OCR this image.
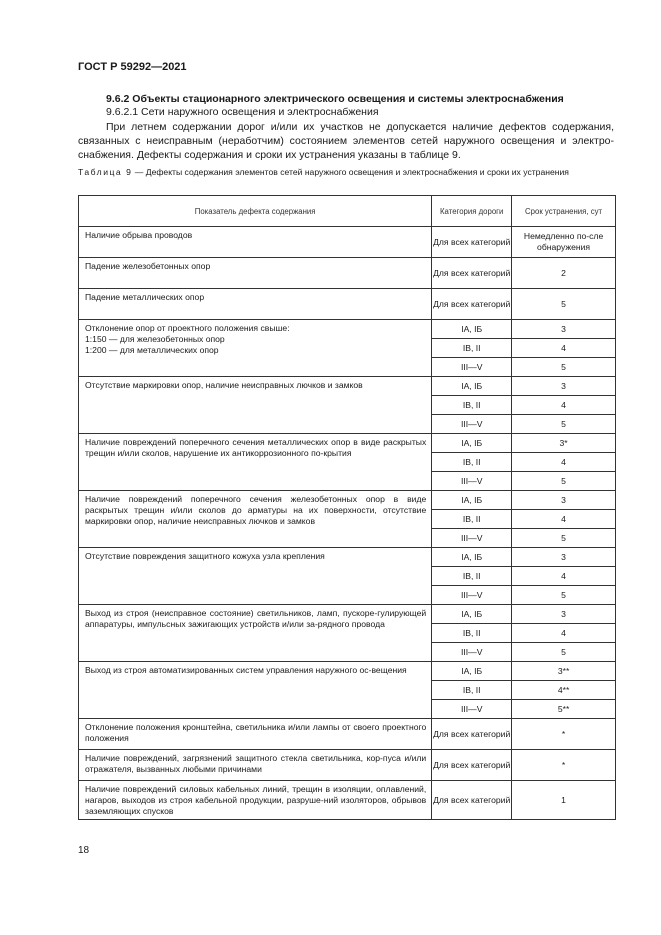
ГОСТ Р 59292—2021
9.6.2 Объекты стационарного электрического освещения и системы электроснабжения
9.6.2.1 Сети наружного освещения и электроснабжения

При летнем содержании дорог и/или их участков не допускается наличие дефектов содержания, связанных с неисправным (неработчим) состоянием элементов сетей наружного освещения и электро-снабжения. Дефекты содержания и сроки их устранения указаны в таблице 9.

Таблица 9 — Дефекты содержания элементов сетей наружного освещения и электроснабжения и сроки их устранения

Показатель дефекта содержания	Категория дороги	Срок устранения, сут

Наличие обрыва проводов	Для всех категорий	Немедленно по-сле обнаружения

Падение железобетонных опор	Для всех категорий	2

Падение металлических опор	Для всех категорий	5

Отклонение опор от проектного положения свыше:
1:150 — для железобетонных опор
1:200 — для металлических опор	IА, IБ	3
	IВ, II	4
	III—V	5

Отсутствие маркировки опор, наличие неисправных лючков и замков	IА, IБ	3
	IВ, II	4
	III—V	5

Наличие повреждений поперечного сечения металлических опор в виде раскрытых трещин и/или сколов, нарушение их антикоррозионного по-крытия	IА, IБ	3*
	IВ, II	4
	III—V	5

Наличие повреждений поперечного сечения железобетонных опор в виде раскрытых трещин и/или сколов до арматуры на их поверхности, отсутствие маркировки опор, наличие неисправных лючков и замков	IА, IБ	3
	IВ, II	4
	III—V	5

Отсутствие повреждения защитного кожуха узла крепления	IА, IБ	3
	IВ, II	4
	III—V	5

Выход из строя (неисправное состояние) светильников, ламп, пускоре-гулирующей аппаратуры, импульсных зажигающих устройств и/или за-рядного провода	IА, IБ	3
	IВ, II	4
	III—V	5

Выход из строя автоматизированных систем управления наружного ос-вещения	IА, IБ	3**
	IВ, II	4**
	III—V	5**

Отклонение положения кронштейна, светильника и/или лампы от своего проектного положения	Для всех категорий	*

Наличие повреждений, загрязнений защитного стекла светильника, кор-пуса и/или отражателя, вызванных любыми причинами	Для всех категорий	*

Наличие повреждений силовых кабельных линий, трещин в изоляции, оплавлений, нагаров, выходов из строя кабельной продукции, разруше-ний изоляторов, обрывов заземляющих спусков	Для всех категорий	1
18
